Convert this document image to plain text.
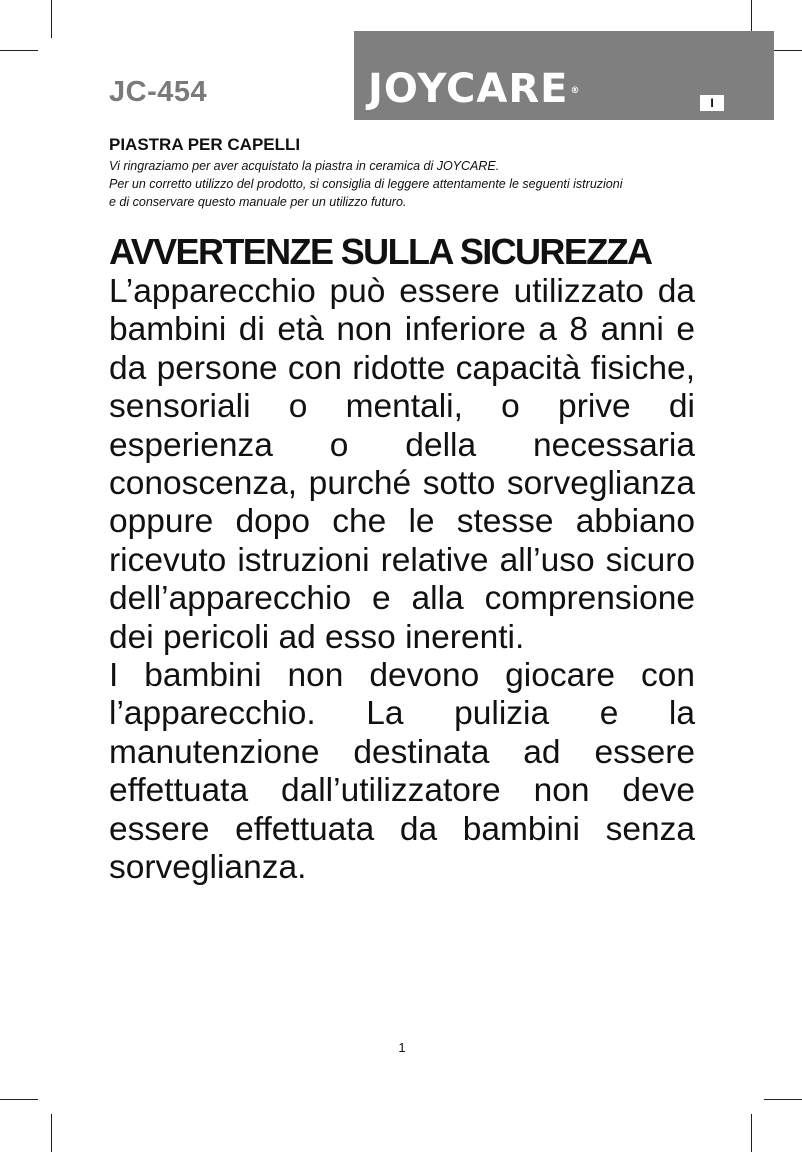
JC-454	JOYCARE ®
I
PIASTRA PER CAPELLI

Vi ringraziamo per aver acquistato la piastra in ceramica di JOYCARE.

Per un corretto utilizzo del prodotto, si consiglia di leggere attentamente le seguenti istruzioni

e di conservare questo manuale per un utilizzo futuro.

AVVERTENZE SULLA SICUREZZA

L’apparecchio può essere utilizzato da bambini di età non inferiore a 8 anni e da persone con ridotte capacità fisiche, sensoriali o mentali, o prive di esperienza o della necessaria conoscenza, purché sotto sorveglianza oppure dopo che le stesse abbiano ricevuto istruzioni relative all’uso sicuro dell’apparecchio e alla comprensione dei pericoli ad esso inerenti.

I bambini non devono giocare con l’apparecchio. La pulizia e la manutenzione destinata ad essere effettuata dall’utilizzatore non deve essere effettuata da bambini senza sorveglianza.

1
